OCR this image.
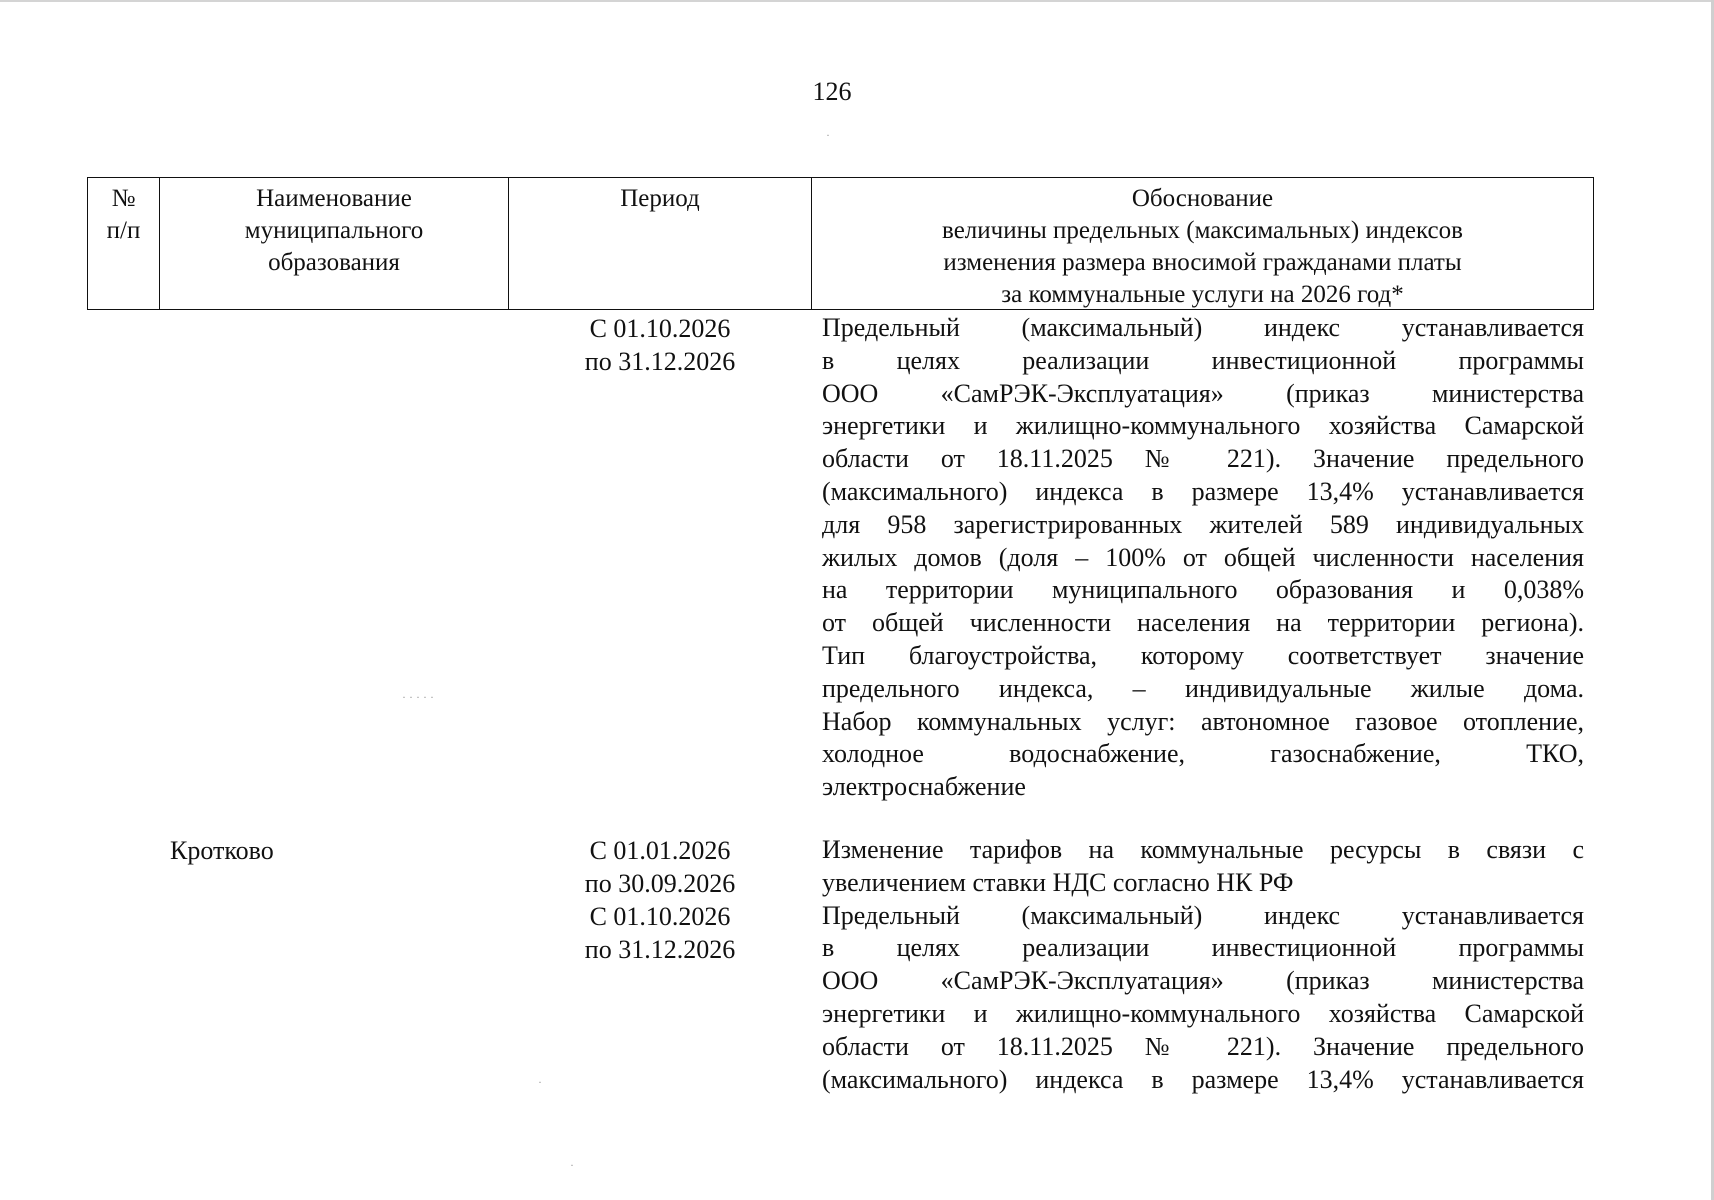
126
№
п/п
Наименование
муниципального
образования
Период	Обоснование
величины предельных (максимальных) индексов
изменения размера вносимой гражданами платы
за коммунальные услуги на 2026 год*
С 01.10.2026
по 31.12.2026
Предельный (максимальный) индекс устанавливается
в целях реализации инвестиционной программы
ООО «СамРЭК-Эксплуатация» (приказ министерства
энергетики и жилищно-коммунального хозяйства Самарской
области от 18.11.2025 № 221). Значение предельного
(максимального) индекса в размере 13,4% устанавливается
для 958 зарегистрированных жителей 589 индивидуальных
жилых домов (доля – 100% от общей численности населения
на территории муниципального образования и 0,038%
от общей численности населения на территории региона).
Тип благоустройства, которому соответствует значение
предельного индекса, – индивидуальные жилые дома.
Набор коммунальных услуг: автономное газовое отопление,
холодное водоснабжение, газоснабжение, ТКО,
электроснабжение
Кротково	С 01.01.2026
по 30.09.2026
С 01.10.2026
по 31.12.2026
Изменение тарифов на коммунальные ресурсы в связи с
увеличением ставки НДС согласно НК РФ
Предельный (максимальный) индекс устанавливается
в целях реализации инвестиционной программы
ООО «СамРЭК-Эксплуатация» (приказ министерства
энергетики и жилищно-коммунального хозяйства Самарской
области от 18.11.2025 № 221). Значение предельного
(максимального) индекса в размере 13,4% устанавливается
· · · · ·
·
·
·
